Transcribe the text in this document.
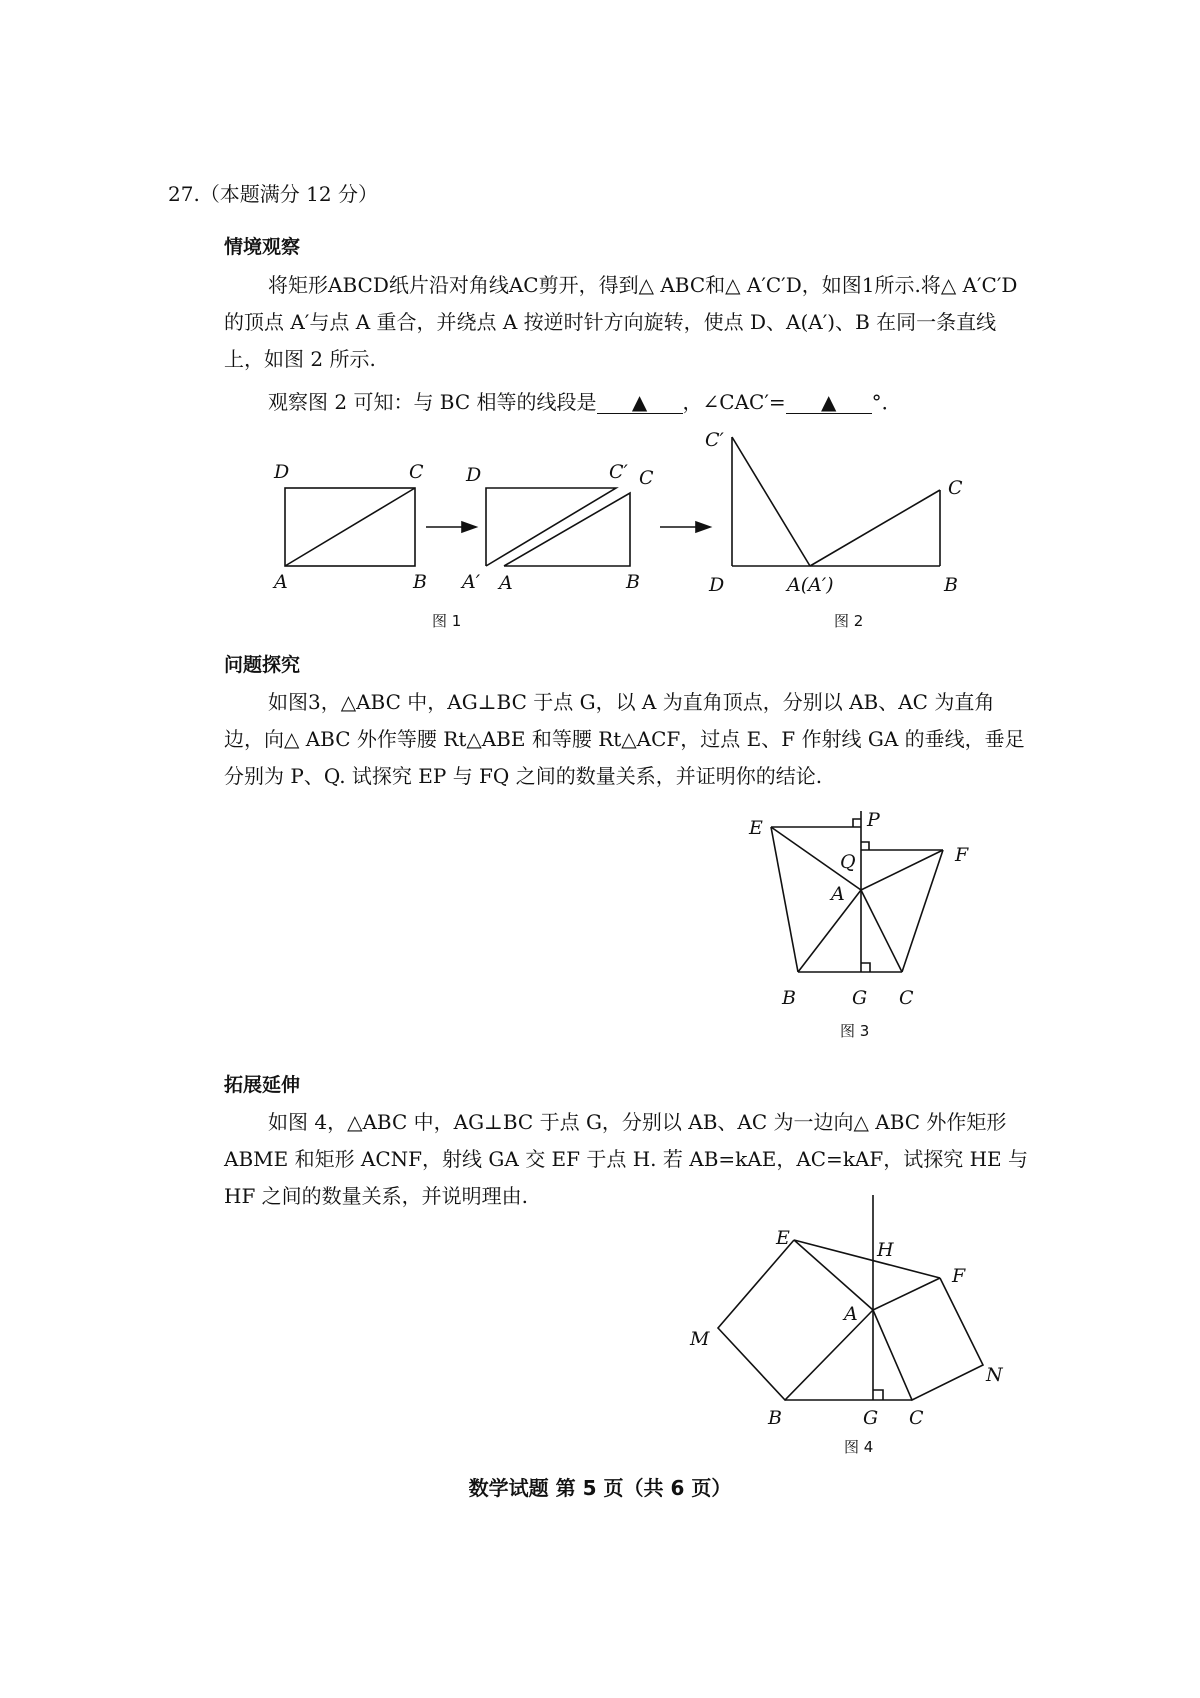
27.（本题满分 12 分）
情境观察
将矩形ABCD纸片沿对角线AC剪开，得到△ ABC和△ A′C′D，如图1所示.将△ A′C′D的顶点 A′与点 A 重合，并绕点 A 按逆时针方向旋转，使点 D、A(A′)、B 在同一条直线上，如图 2 所示.
观察图 2 可知：与 BC 相等的线段是 ▲ ，∠CAC′= ▲ °．
D	C
A	B
D	C′ C
A′ A	B
图 1
C′
C
D	A(A′)	B
图 2
E	P
F
Q
A
B	G C
图 3
E
H
F
A
M
N
B	G C
图 4
问题探究
如图3，△ABC 中，AG⊥BC 于点 G，以 A 为直角顶点，分别以 AB、AC 为直角边，向△ ABC 外作等腰 Rt△ABE 和等腰 Rt△ACF，过点 E、F 作射线 GA 的垂线，垂足分别为 P、Q. 试探究 EP 与 FQ 之间的数量关系，并证明你的结论.
拓展延伸
如图 4，△ABC 中，AG⊥BC 于点 G，分别以 AB、AC 为一边向△ ABC 外作矩形 ABME 和矩形 ACNF，射线 GA 交 EF 于点 H. 若 AB=kAE，AC=kAF，试探究 HE 与 HF 之间的数量关系，并说明理由.
数学试题 第 5 页（共 6 页）
